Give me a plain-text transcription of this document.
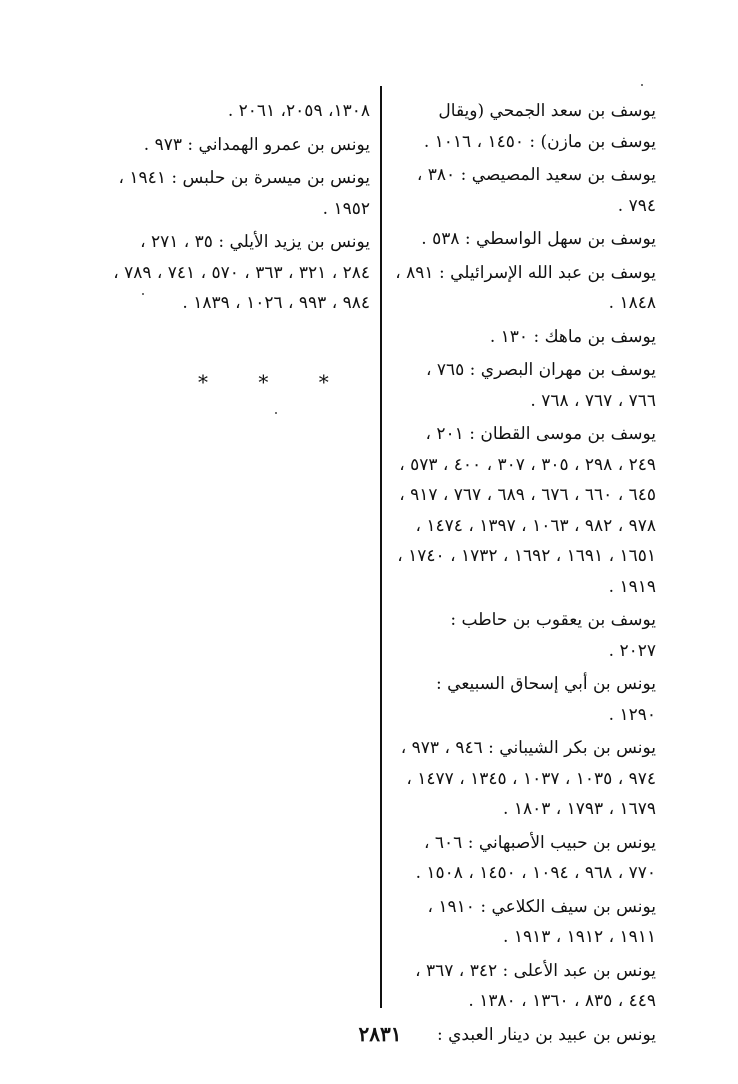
يوسف بن سعد الجمحي (ويقال
يوسف بن مازن) : ١٤٥٠ ، ١٠١٦ .
يوسف بن سعيد المصيصي : ٣٨٠ ،
٧٩٤ .
يوسف بن سهل الواسطي : ٥٣٨ .
يوسف بن عبد الله الإسرائيلي : ٨٩١ ،
١٨٤٨ .
يوسف بن ماهك : ١٣٠ .
يوسف بن مهران البصري : ٧٦٥ ،
٧٦٦ ، ٧٦٧ ، ٧٦٨ .
يوسف بن موسى القطان : ٢٠١ ،
٢٤٩ ، ٢٩٨ ، ٣٠٥ ، ٣٠٧ ، ٤٠٠ ، ٥٧٣ ،
٦٤٥ ، ٦٦٠ ، ٦٧٦ ، ٦٨٩ ، ٧٦٧ ، ٩١٧ ،
٩٧٨ ، ٩٨٢ ، ١٠٦٣ ، ١٣٩٧ ، ١٤٧٤ ،
١٦٥١ ، ١٦٩١ ، ١٦٩٢ ، ١٧٣٢ ، ١٧٤٠ ،
١٩١٩ .
يوسف بن يعقوب بن حاطب :
٢٠٢٧ .
يونس بن أبي إسحاق السبيعي :
١٢٩٠ .
يونس بن بكر الشيباني : ٩٤٦ ، ٩٧٣ ،
٩٧٤ ، ١٠٣٥ ، ١٠٣٧ ، ١٣٤٥ ، ١٤٧٧ ،
١٦٧٩ ، ١٧٩٣ ، ١٨٠٣ .
يونس بن حبيب الأصبهاني : ٦٠٦ ،
٧٧٠ ، ٩٦٨ ، ١٠٩٤ ، ١٤٥٠ ، ١٥٠٨ .
يونس بن سيف الكلاعي : ١٩١٠ ،
١٩١١ ، ١٩١٢ ، ١٩١٣ .
يونس بن عبد الأعلى : ٣٤٢ ، ٣٦٧ ،
٤٤٩ ، ٨٣٥ ، ١٣٦٠ ، ١٣٨٠ .
يونس بن عبيد بن دينار العبدي :
١٣٠٨، ٢٠٥٩، ٢٠٦١ .
يونس بن عمرو الهمداني : ٩٧٣ .
يونس بن ميسرة بن حلبس : ١٩٤١ ،
١٩٥٢ .
يونس بن يزيد الأيلي : ٣٥ ، ٢٧١ ،
٢٨٤ ، ٣٢١ ، ٣٦٣ ، ٥٧٠ ، ٧٤١ ، ٧٨٩ ،
٩٨٤ ، ٩٩٣ ، ١٠٢٦ ، ١٨٣٩ .
* * *
٢٨٣١
